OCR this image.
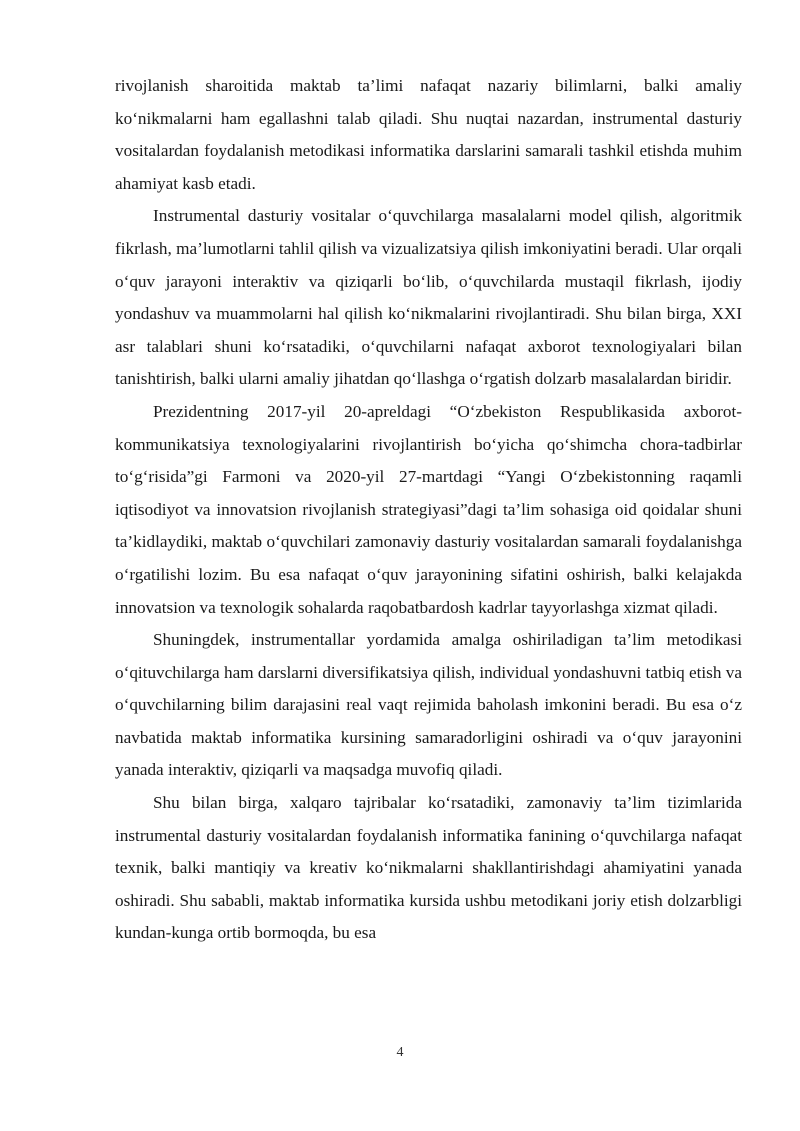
rivojlanish sharoitida maktab ta’limi nafaqat nazariy bilimlarni, balki amaliy ko‘nikmalarni ham egallashni talab qiladi. Shu nuqtai nazardan, instrumental dasturiy vositalardan foydalanish metodikasi informatika darslarini samarali tashkil etishda muhim ahamiyat kasb etadi.

Instrumental dasturiy vositalar o‘quvchilarga masalalarni model qilish, algoritmik fikrlash, ma’lumotlarni tahlil qilish va vizualizatsiya qilish imkoniyatini beradi. Ular orqali o‘quv jarayoni interaktiv va qiziqarli bo‘lib, o‘quvchilarda mustaqil fikrlash, ijodiy yondashuv va muammolarni hal qilish ko‘nikmalarini rivojlantiradi. Shu bilan birga, XXI asr talablari shuni ko‘rsatadiki, o‘quvchilarni nafaqat axborot texnologiyalari bilan tanishtirish, balki ularni amaliy jihatdan qo‘llashga o‘rgatish dolzarb masalalardan biridir.

Prezidentning 2017-yil 20-apreldagi “O‘zbekiston Respublikasida axborot-kommunikatsiya texnologiyalarini rivojlantirish bo‘yicha qo‘shimcha chora-tadbirlar to‘g‘risida”gi Farmoni va 2020-yil 27-martdagi “Yangi O‘zbekistonning raqamli iqtisodiyot va innovatsion rivojlanish strategiyasi”dagi ta’lim sohasiga oid qoidalar shuni ta’kidlaydiki, maktab o‘quvchilari zamonaviy dasturiy vositalardan samarali foydalanishga o‘rgatilishi lozim. Bu esa nafaqat o‘quv jarayonining sifatini oshirish, balki kelajakda innovatsion va texnologik sohalarda raqobatbardosh kadrlar tayyorlashga xizmat qiladi.

Shuningdek, instrumentallar yordamida amalga oshiriladigan ta’lim metodikasi o‘qituvchilarga ham darslarni diversifikatsiya qilish, individual yondashuvni tatbiq etish va o‘quvchilarning bilim darajasini real vaqt rejimida baholash imkonini beradi. Bu esa o‘z navbatida maktab informatika kursining samaradorligini oshiradi va o‘quv jarayonini yanada interaktiv, qiziqarli va maqsadga muvofiq qiladi.

Shu bilan birga, xalqaro tajribalar ko‘rsatadiki, zamonaviy ta’lim tizimlarida instrumental dasturiy vositalardan foydalanish informatika fanining o‘quvchilarga nafaqat texnik, balki mantiqiy va kreativ ko‘nikmalarni shakllantirishdagi ahamiyatini yanada oshiradi. Shu sababli, maktab informatika kursida ushbu metodikani joriy etish dolzarbligi kundan-kunga ortib bormoqda, bu esa

4
